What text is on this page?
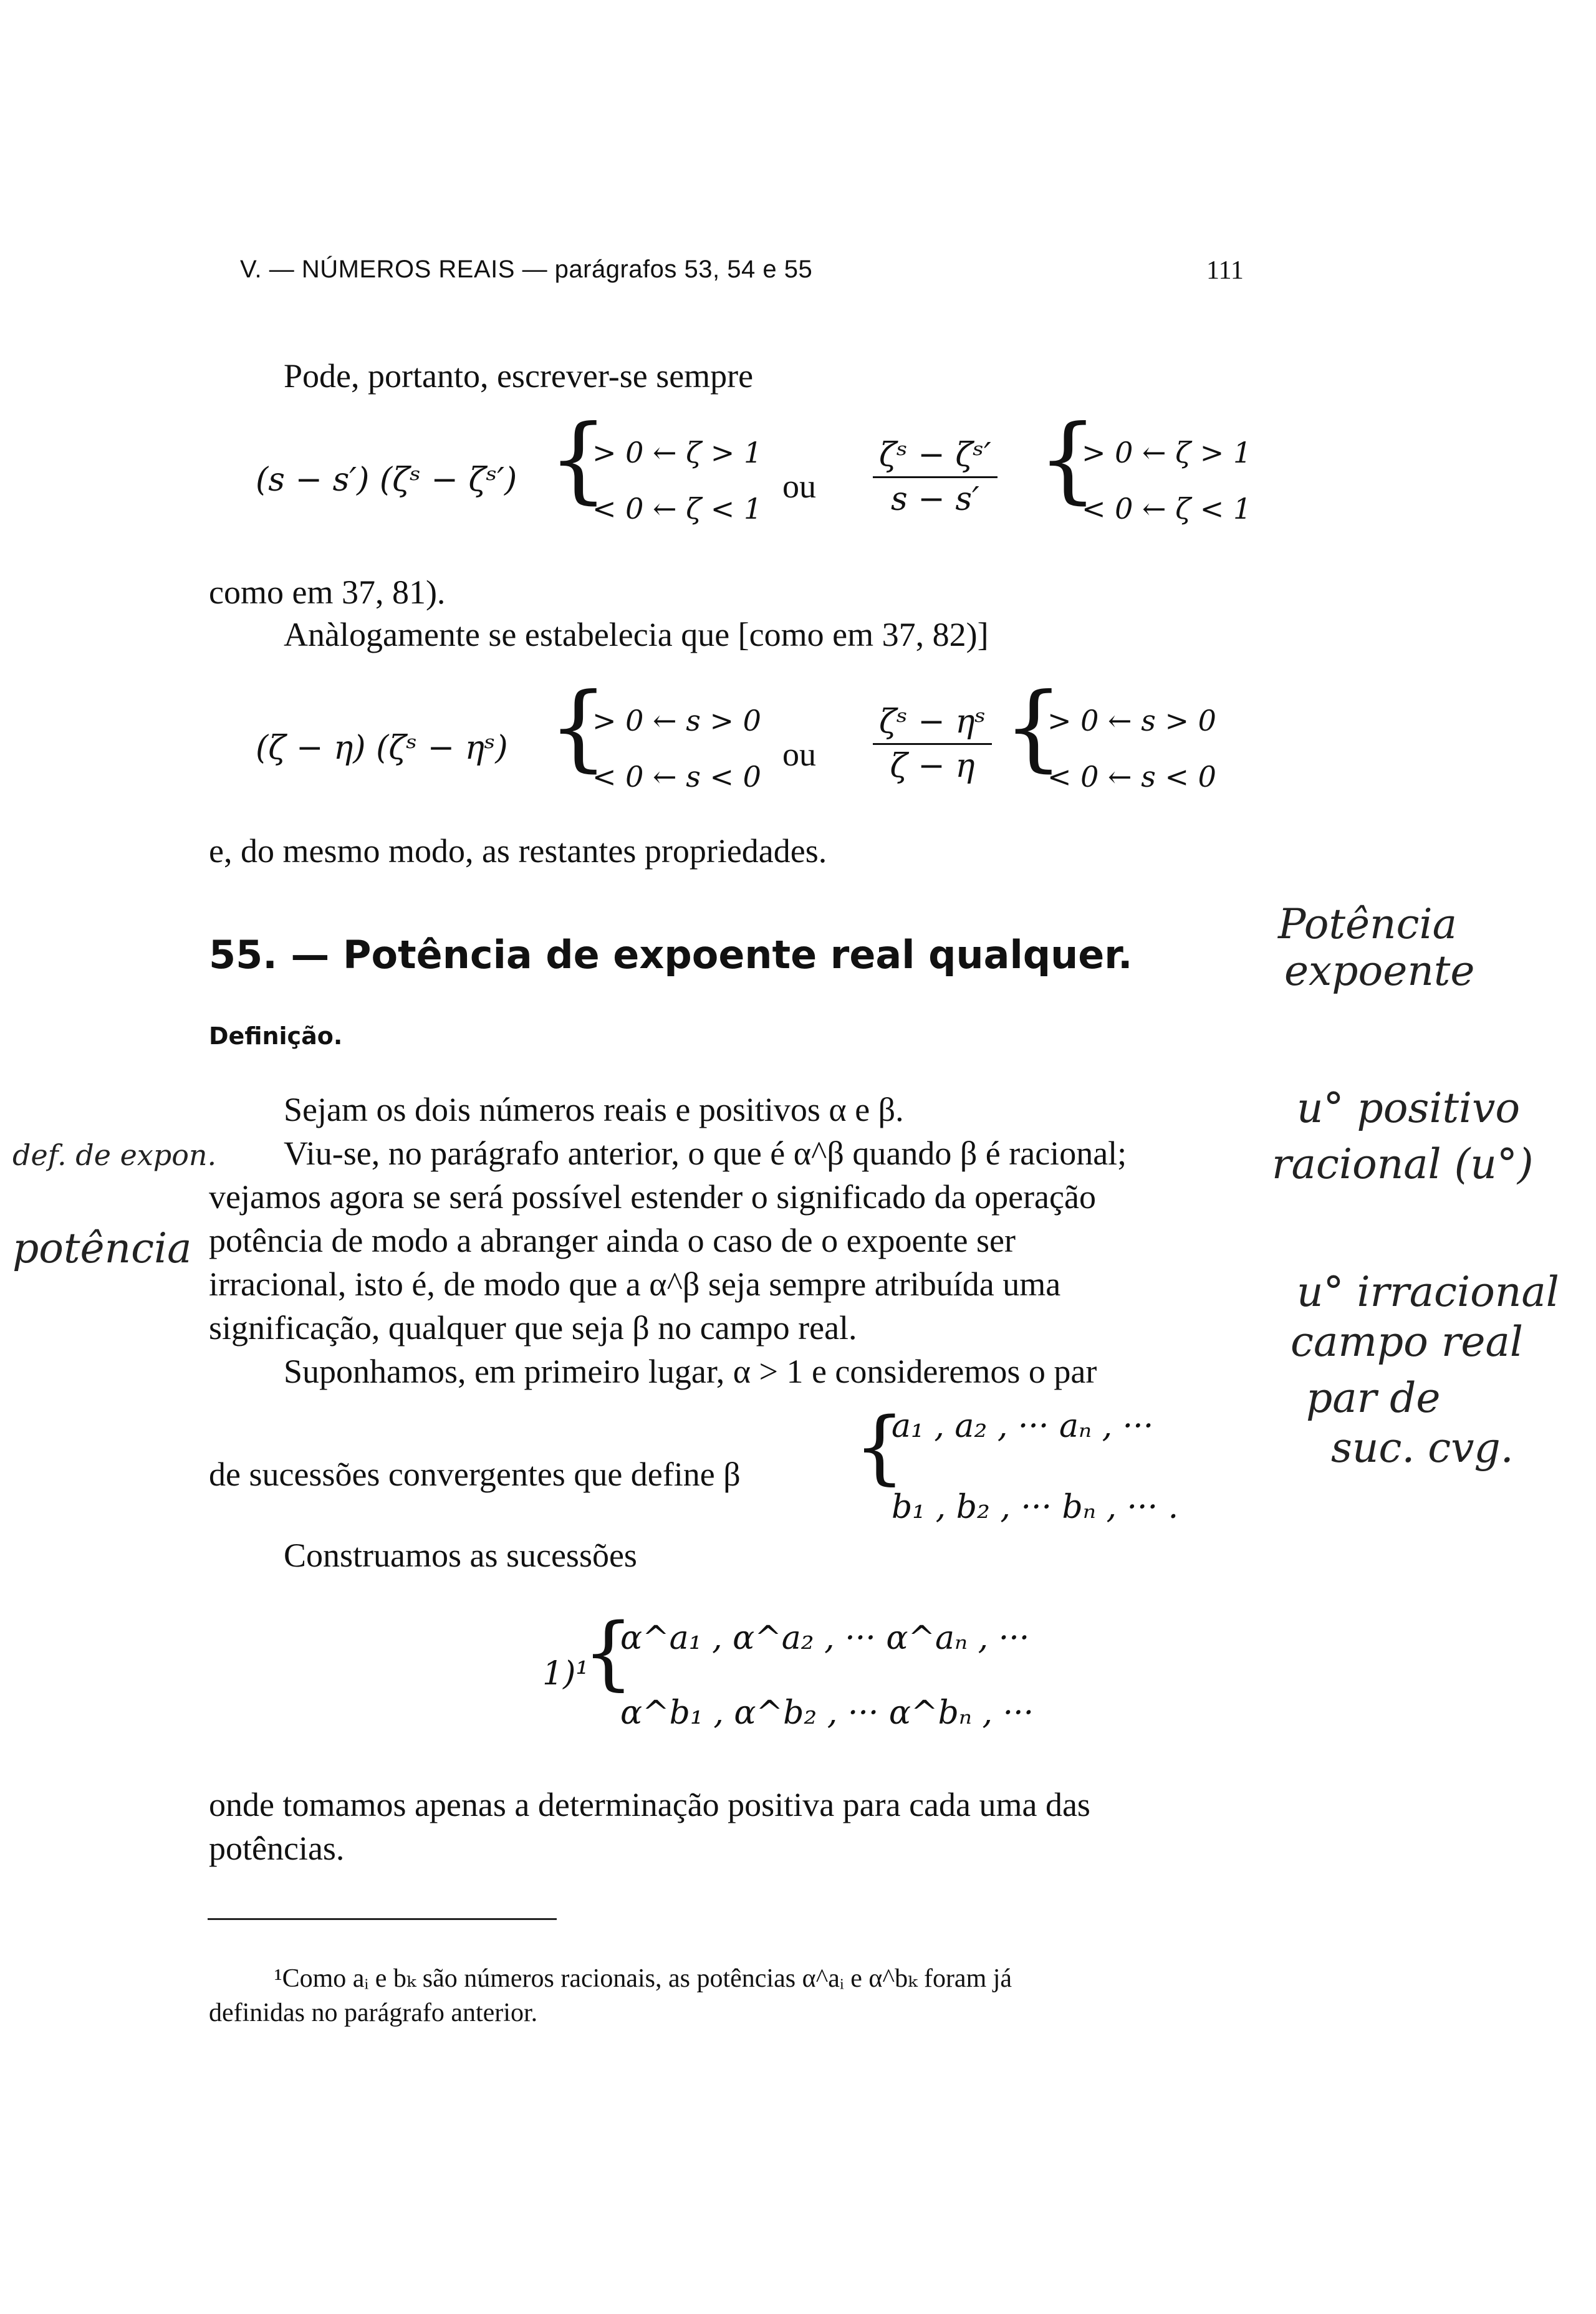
V. — NÚMEROS REAIS — parágrafos 53, 54 e 55	111
Pode, portanto, escrever-se sempre
(s − s′) (ζˢ − ζˢ′) {
> 0 ← ζ > 1
< 0 ← ζ < 1
ou $\frac{\text{ζˢ − ζˢ′}}{s - s'}$ {
> 0 ← ζ > 1
< 0 ← ζ < 1
como em 37, 81).
Anàlogamente se estabelecia que [como em 37, 82)]
(ζ − η) (ζˢ − ηˢ) {
> 0 ← s > 0
< 0 ← s < 0
ou $\frac{\text{ζˢ − ηˢ}}{\zeta - \eta}$ {
> 0 ← s > 0
< 0 ← s < 0
e, do mesmo modo, as restantes propriedades.
55. — Potência de expoente real qualquer.
Definição.
Sejam os dois números reais e positivos α e β.
Viu-se, no parágrafo anterior, o que é α^β quando β é racional;
vejamos agora se será possível estender o significado da operação
potência de modo a abranger ainda o caso de o expoente ser
irracional, isto é, de modo que a α^β seja sempre atribuída uma
significação, qualquer que seja β no campo real.
Suponhamos, em primeiro lugar, α > 1 e consideremos o par
de sucessões convergentes que define β {
a₁ , a₂ , ··· aₙ , ···
b₁ , b₂ , ··· bₙ , ··· .
Construamos as sucessões
1)¹
{
α^a₁ , α^a₂ , ··· α^aₙ , ···
α^b₁ , α^b₂ , ··· α^bₙ , ···
onde tomamos apenas a determinação positiva para cada uma das
potências.
¹Como aᵢ e bₖ são números racionais, as potências α^aᵢ e α^bₖ foram já
definidas no parágrafo anterior.
Potência
expoente
u° positivo
racional (u°)
u° irracional
campo real
par de
suc. cvg.
def. de expon.
potência
